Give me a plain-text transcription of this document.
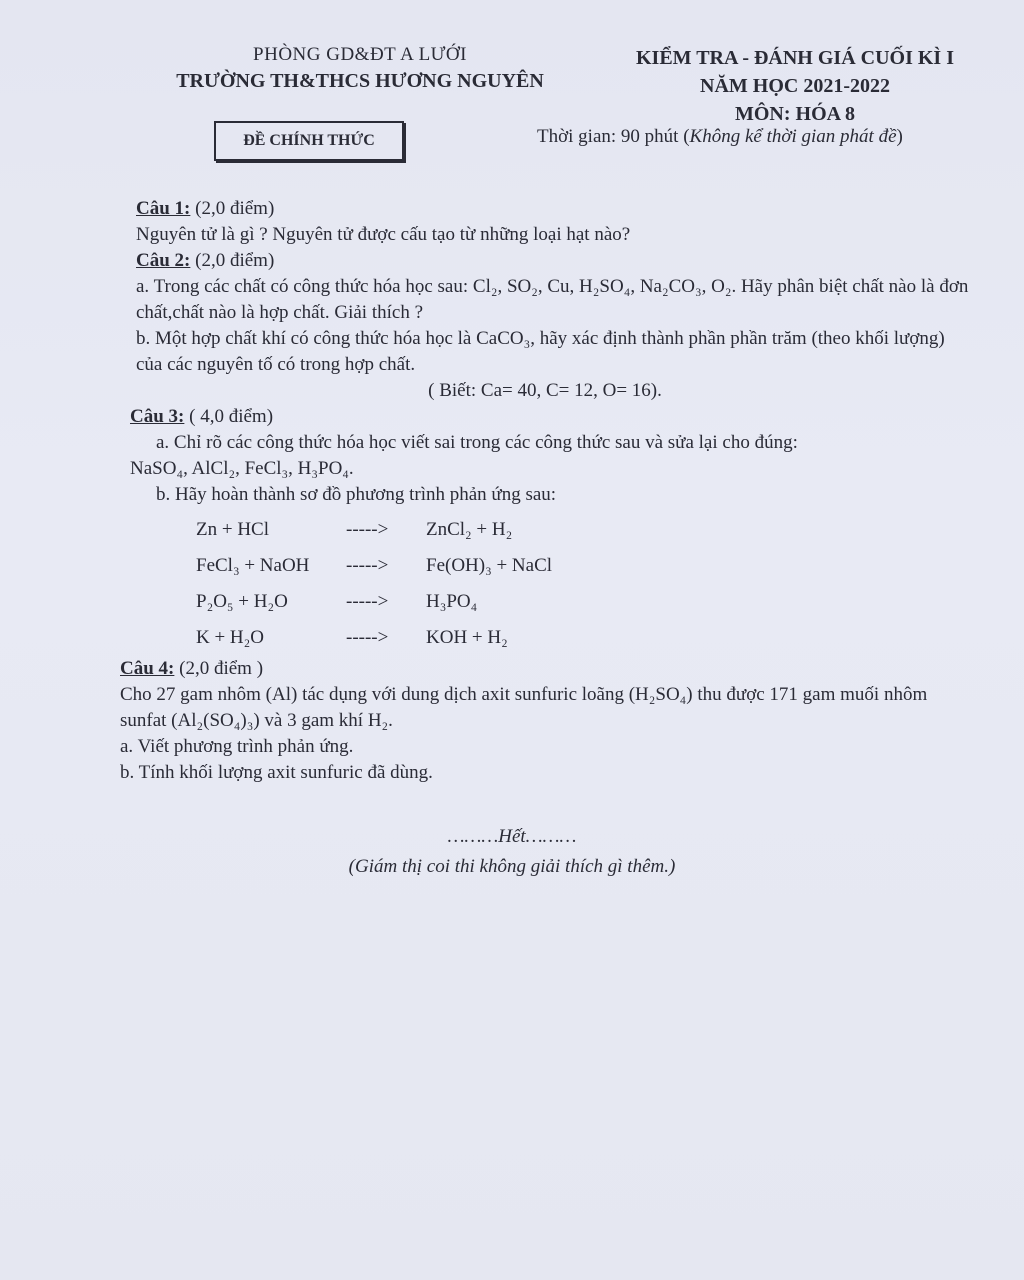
PHÒNG GD&ĐT A LƯỚI
TRƯỜNG TH&THCS HƯƠNG NGUYÊN
KIỂM TRA - ĐÁNH GIÁ CUỐI KÌ I
NĂM HỌC 2021-2022
MÔN: HÓA 8
ĐỀ CHÍNH THỨC	Thời gian: 90 phút (Không kể thời gian phát đề)
Câu 1: (2,0 điểm)
Nguyên tử là gì ? Nguyên tử được cấu tạo từ những loại hạt nào?
Câu 2: (2,0 điểm)
a. Trong các chất có công thức hóa học sau: Cl₂, SO₂, Cu, H₂SO₄, Na₂CO₃, O₂. Hãy phân biệt chất nào là đơn chất,chất nào là hợp chất. Giải thích ?
b. Một hợp chất khí có công thức hóa học là CaCO₃, hãy xác định thành phần phần trăm (theo khối lượng) của các nguyên tố có trong hợp chất.
( Biết: Ca= 40, C= 12, O= 16).
Câu 3: ( 4,0 điểm)
a. Chỉ rõ các công thức hóa học viết sai trong các công thức sau và sửa lại cho đúng:
NaSO₄, AlCl₂, FeCl₃, H₃PO₄.
b. Hãy hoàn thành sơ đồ phương trình phản ứng sau:
Zn + HCl	----->	ZnCl₂ + H₂
FeCl₃ + NaOH	----->	Fe(OH)₃ + NaCl
P₂O₅ + H₂O	----->	H₃PO₄
K + H₂O	----->	KOH + H₂
Câu 4: (2,0 điểm )
Cho 27 gam nhôm (Al) tác dụng với dung dịch axit sunfuric loãng (H₂SO₄) thu được 171 gam muối nhôm sunfat (Al₂(SO₄)₃) và 3 gam khí H₂.
a. Viết phương trình phản ứng.
b. Tính khối lượng axit sunfuric đã dùng.
………Hết………
(Giám thị coi thi không giải thích gì thêm.)
